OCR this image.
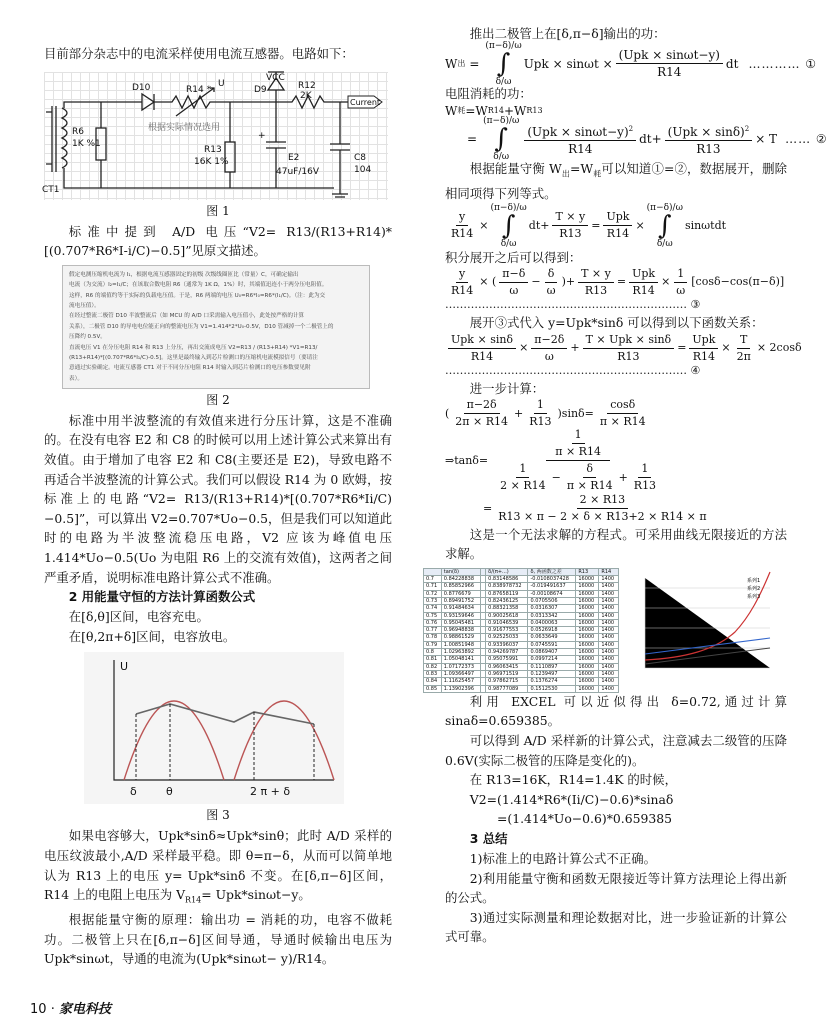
目前部分杂志中的电流采样使用电流互感器。电路如下：

Current
U
D10	R14 *
VCC
D9	R12
2K
R6
1K %1
根据实际情况选用
R13
16K 1%
+
E2
47uF/16V
C8
104
CT1

图 1

标准中提到 A/D 电压“V2= R13/(R13+R14)*[(0.707*R6*I-i/C)−0.5]”见原文描述。

假定电测压缩机电流为 I₁，根据电流互感器固定的初级 次级线圈匝比（常量）C，可确定输出
电流（为交流）I₂=I₁/C；在该取合数电阻 R6（通常为 1K Ω，1%）时，其端值迅连小于两分压电阻值。
这样，R6 的端值约等于实际的负载电压值。于是，R6 两端的电压 U₀=R6*I₀=R6*(I₁/C)。（注：此为交
流电压值）。
在经过整流二极管 D10 半波整流后（如 MCU 的 A/D 口采需输入电压值小，此处按严格的计算
关系），二极管 D10 的导电电位能正向的整流电压为 V1=1.414*2*U₀-0.5V，D10 管减掉一个二极管上的
压降约 0.5V。
直流电压 V1 在分压电阻 R14 和 R13 上分压，再出交流成电压 V2=R13 / (R13+R14) *V1=R13/
(R13+R14)*[(0.707*R6*I₁/C)-0.5]。这里是最终输入到芯片检测口的压缩机电流模拟信号（要请注
意通过实验确定。电流互感器 CT1 对于不同分压电阻 R14 时输入到芯片检测口的电压参数要见附
表）。

图 2

标准中用半波整流的有效值来进行分压计算，这是不准确的。在没有电容 E2 和 C8 的时候可以用上述计算公式来算出有效值。由于增加了电容 E2 和 C8(主要还是 E2)，导致电路不再适合半波整流的计算公式。我们可以假设 R14 为 0 欧姆，按标准上的电路“V2= R13/(R13+R14)*[(0.707*R6*Ii/C)−0.5]”，可以算出 V2=0.707*Uo−0.5，但是我们可以知道此时的电路为半波整流稳压电路，V2 应该为峰值电压 1.414*Uo−0.5(Uo 为电阻 R6 上的交流有效值)，这两者之间严重矛盾，说明标准电路计算公式不准确。

2 用能量守恒的方法计算函数公式

在[δ,θ]区间，电容充电。

在[θ,2π+δ]区间，电容放电。

U
δ	θ	2 π + δ

图 3

如果电容够大，Upk*sinδ≈Upk*sinθ；此时 A/D 采样的电压纹波最小,A/D 采样最平稳。即 θ=π−δ，从而可以简单地认为 R13 上的电压 y= Upk*sinδ 不变。在[δ,π−δ]区间，R14 上的电阻上电压为 $V_{R14}= Upk*\sin\omega t-y$。

根据能量守衡的原理：输出功 = 消耗的功，电容不做耗功。二极管上只在[δ,π−δ]区间导通，导通时候输出电压为 Upk*sinωt，导通的电流为(Upk*sinωt− y)/R14。

推出二极管上在[δ,π−δ]输出的功：

W 出 =
(π−δ)/ω
∫
δ/ω
Upk × $\sin\omega t \times \frac{\text{(Upk × sinωt−y)}}{R14}$ dt ………… ①

电阻消耗的功：

W 耗 =W R14 +W R13
=
(π−δ)/ω
∫
δ/ω
$\frac{(Upk \times \sin\omega t-y)^2}{R14} dt+ \frac{(Upk \times \sin\delta)^2}{R13} \times T$ …… ②

根据能量守衡 $W_出=W_耗$可以知道①=②，数据展开，删除相同项得下列等式。

$\frac{y}{R14}$ ×
(π−δ)/ω
∫
δ/ω
$dt+ \frac{T \times y}{R13} = \frac{\text{Upk}}{R14}$ ×
(π−δ)/ω
∫
δ/ω
sinωtdt

积分展开之后可以得到：

$\frac{y}{R14}$ × ( $\frac{\pi-\delta}{\omega} - \frac{\delta}{\omega}$ )+ $\frac{T \times y}{R13} = \frac{\text{Upk}}{R14} \times \frac{1}{\omega} [\cos\delta-\cos(\pi-\delta)]$
………………………………………………………… ③

展开③式代入 y=Upk*sinδ 可以得到以下函数关系：

$\frac{\text{Upk × sinδ}}{R14} \times \frac{\pi-2\delta}{\omega} + \frac{\text{T × Upk × sinδ}}{R13} = \frac{\text{Upk}}{R14} \times \frac{T}{2\pi} \times 2\cos\delta$
………………………………………………………… ④

进一步计算：

( $\frac{\pi-2\delta}{2\pi \times R14} + \frac{1}{R13} )\sin\delta= \frac{\cos\delta}{\pi \times R14}$
⇒tanδ= $\frac{\frac{1}{\pi \times R14}}{\frac{1}{2 \times R14} - \frac{\delta}{\pi \times R14} + \frac{1}{R13}}$
= $\frac{2 \times R13}{R13 \times \pi - 2 \times \delta \times R13+2 \times R14 \times \pi}$

这是一个无法求解的方程式。可采用曲线无限接近的方法求解。

	tan(δ)		δ/(π+...)	δ, 两函数之差	R13	R14
0.7	0.84228838		0.83148586	-0.0108037428	16000	1400
0.71	0.85852966		0.838978732	-0.019491637	16000	1400
0.72	0.8776679		0.87658119	-0.00108674	16000	1400
0.73	0.89491752		0.82436125	0.0705506	16000	1400
0.74	0.91484634		0.88321358	0.0316307	16000	1400
0.75	0.93159646		0.90025618	0.0313342	16000	1400
0.76	0.95045481		0.91046539	0.0400063	16000	1400
0.77	0.96948838		0.91677553	0.0526918	16000	1400
0.78	0.98861529		0.92525033	0.0633649	16000	1400
0.79	1.00851948		0.93396037	0.0745591	16000	1400
0.8	1.02963892		0.94269787	0.0869407	16000	1400
0.81	1.05048141		0.95075991	0.0997214	16000	1400
0.82	1.07172373		0.96063415	0.1110897	16000	1400
0.83	1.09366497		0.96971519	0.1239497	16000	1400
0.84	1.11625457		0.97862715	0.1376274	16000	1400
0.85	1.13902396		0.98777089	0.1512530	16000	1400
系列1
系列2
系列3

利用 EXCEL 可以近似得出 δ=0.72,通过计算 sinaδ=0.659385。

可以得到 A/D 采样新的计算公式，注意减去二级管的压降 0.6V(实际二极管的压降是变化的)。

在 R13=16K，R14=1.4K 的时候，

V2=(1.414*R6*(Ii/C)−0.6)*sinaδ

=(1.414*Uo−0.6)*0.659385

3 总结

1)标准上的电路计算公式不正确。

2)利用能量守衡和函数无限接近等计算方法理论上得出新的公式。

3)通过实际测量和理论数据对比，进一步验证新的计算公式可靠。

10 · 家电科技
